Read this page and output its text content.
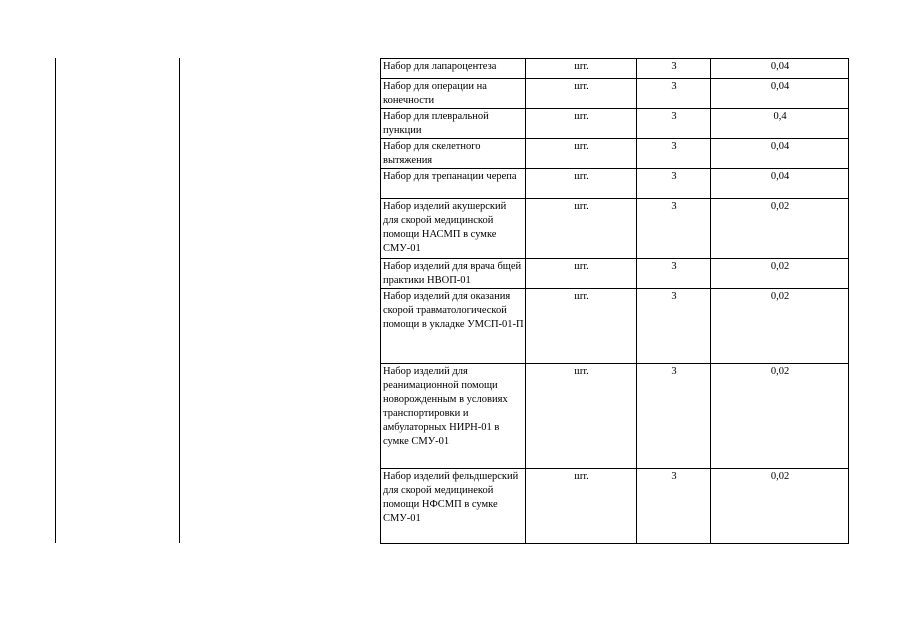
Набор для лапароцентеза	шт.	3	0,04
Набор для операции на конечности	шт.	3	0,04
Набор для плевральной пункции	шт.	3	0,4
Набор для скелетного вытяжения	шт.	3	0,04
Набор для трепанации черепа	шт.	3	0,04
Набор изделий акушерский для скорой медицинской помощи НАСМП в сумке СМУ-01	шт.	3	0,02
Набор изделий для врача бщей практики НВОП-01	шт.	3	0,02
Набор изделий для оказания скорой травматологической помощи в укладке УМСП-01-П	шт.	3	0,02
Набор изделий для реанимационной помощи новорожденным в условиях транспортировки и амбулаторных НИРН-01 в сумке СМУ-01	шт.	3	0,02
Набор изделий фельдшерский для скорой медицинекой помощи НФСМП в сумке СМУ-01	шт.	3	0,02
